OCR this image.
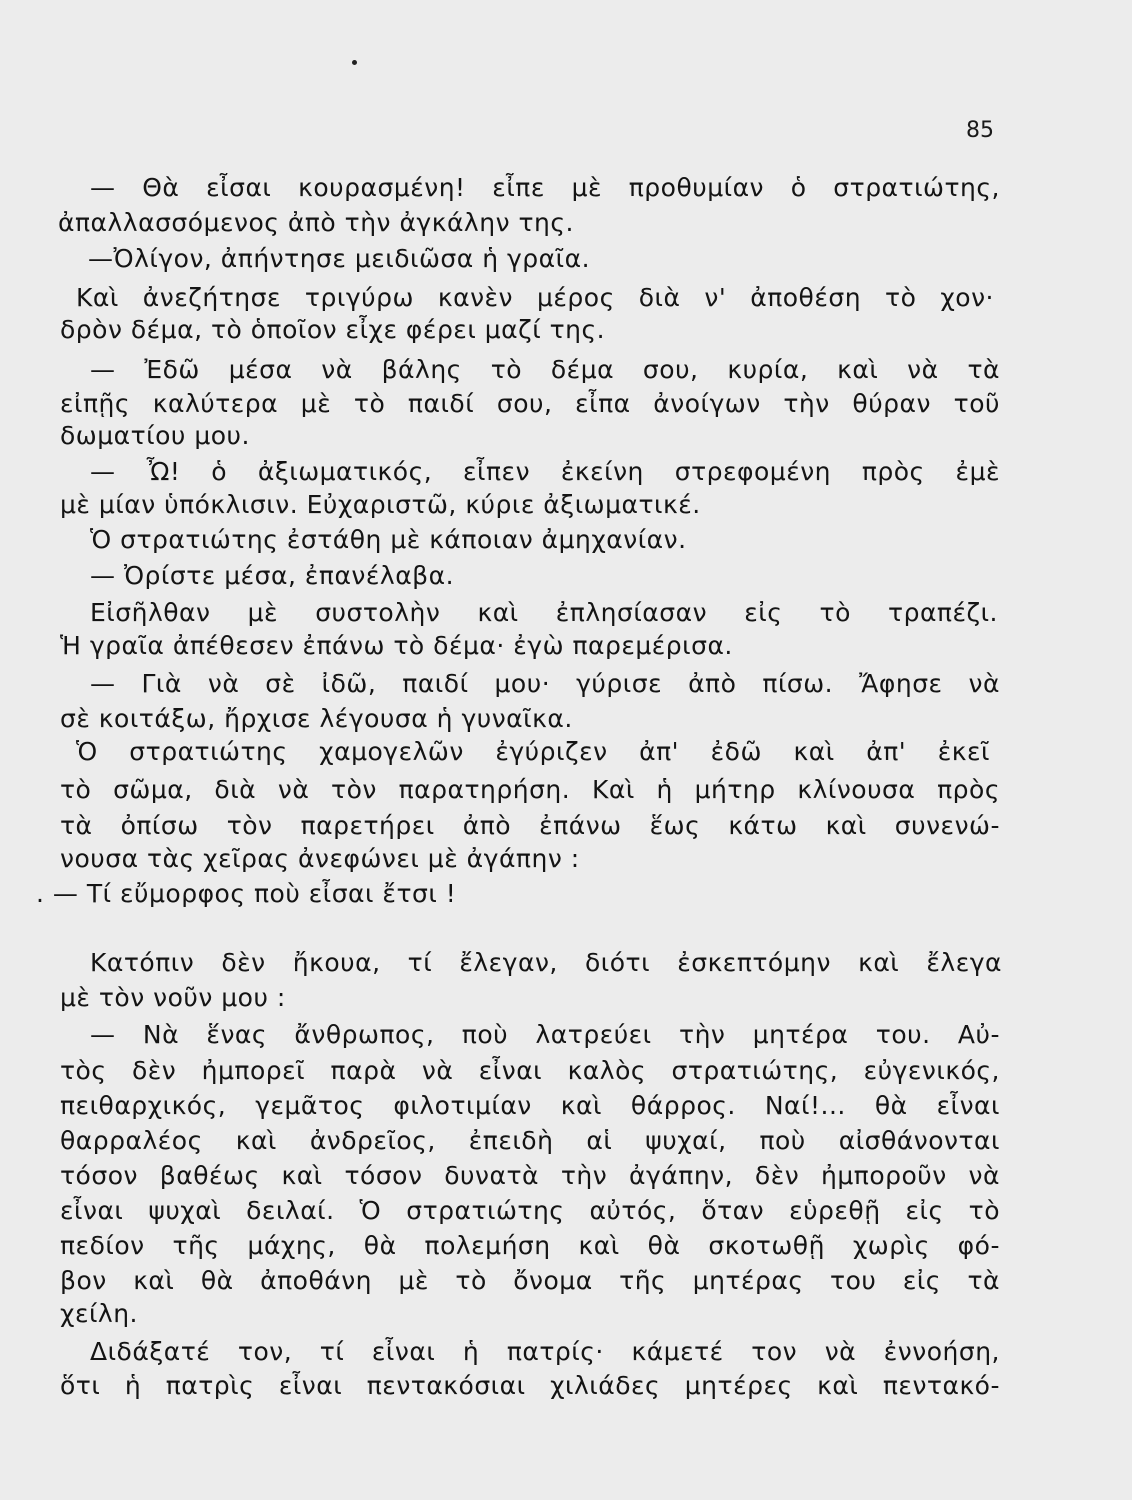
85
— Θὰ εἶσαι κουρασμένη! εἶπε μὲ προθυμίαν ὁ στρατιώτης,
ἀπαλλασσόμενος ἀπὸ τὴν ἀγκάλην της.
—Ὀλίγον, ἀπήντησε μειδιῶσα ἡ γραῖα.
Καὶ ἀνεζήτησε τριγύρω κανὲν μέρος διὰ ν' ἀποθέση τὸ χον·
δρὸν δέμα, τὸ ὁποῖον εἶχε φέρει μαζί της.
— Ἐδῶ μέσα νὰ βάλης τὸ δέμα σου, κυρία, καὶ νὰ τὰ
εἰπῇς καλύτερα μὲ τὸ παιδί σου, εἶπα ἀνοίγων τὴν θύραν τοῦ
δωματίου μου.
— Ὦ! ὁ ἀξιωματικός, εἶπεν ἐκείνη στρεφομένη πρὸς ἐμὲ
μὲ μίαν ὑπόκλισιν. Εὐχαριστῶ, κύριε ἀξιωματικέ.
Ὁ στρατιώτης ἐστάθη μὲ κάποιαν ἀμηχανίαν.
— Ὀρίστε μέσα, ἐπανέλαβα.
Εἰσῆλθαν μὲ συστολὴν καὶ ἐπλησίασαν εἰς τὸ τραπέζι.
Ἡ γραῖα ἀπέθεσεν ἐπάνω τὸ δέμα· ἐγὼ παρεμέρισα.
— Γιὰ νὰ σὲ ἰδῶ, παιδί μου· γύρισε ἀπὸ πίσω. Ἄφησε νὰ
σὲ κοιτάξω, ἤρχισε λέγουσα ἡ γυναῖκα.
Ὁ στρατιώτης χαμογελῶν ἐγύριζεν ἀπ' ἐδῶ καὶ ἀπ' ἐκεῖ
τὸ σῶμα, διὰ νὰ τὸν παρατηρήση. Καὶ ἡ μήτηρ κλίνουσα πρὸς
τὰ ὀπίσω τὸν παρετήρει ἀπὸ ἐπάνω ἕως κάτω καὶ συνενώ-
νουσα τὰς χεῖρας ἀνεφώνει μὲ ἀγάπην :
. — Τί εὔμορφος ποὺ εἶσαι ἔτσι !
Κατόπιν δὲν ἤκουα, τί ἔλεγαν, διότι ἐσκεπτόμην καὶ ἔλεγα
μὲ τὸν νοῦν μου :
— Νὰ ἕνας ἄνθρωπος, ποὺ λατρεύει τὴν μητέρα του. Αὐ-
τὸς δὲν ἠμπορεῖ παρὰ νὰ εἶναι καλὸς στρατιώτης, εὐγενικός,
πειθαρχικός, γεμᾶτος φιλοτιμίαν καὶ θάρρος. Ναί!... θὰ εἶναι
θαρραλέος καὶ ἀνδρεῖος, ἐπειδὴ αἱ ψυχαί, ποὺ αἰσθάνονται
τόσον βαθέως καὶ τόσον δυνατὰ τὴν ἀγάπην, δὲν ἠμποροῦν νὰ
εἶναι ψυχαὶ δειλαί. Ὁ στρατιώτης αὐτός, ὅταν εὑρεθῇ εἰς τὸ
πεδίον τῆς μάχης, θὰ πολεμήση καὶ θὰ σκοτωθῇ χωρὶς φό-
βον καὶ θὰ ἀποθάνη μὲ τὸ ὄνομα τῆς μητέρας του εἰς τὰ
χείλη.
Διδάξατέ τον, τί εἶναι ἡ πατρίς· κάμετέ τον νὰ ἐννοήση,
ὅτι ἡ πατρὶς εἶναι πεντακόσιαι χιλιάδες μητέρες καὶ πεντακό-
